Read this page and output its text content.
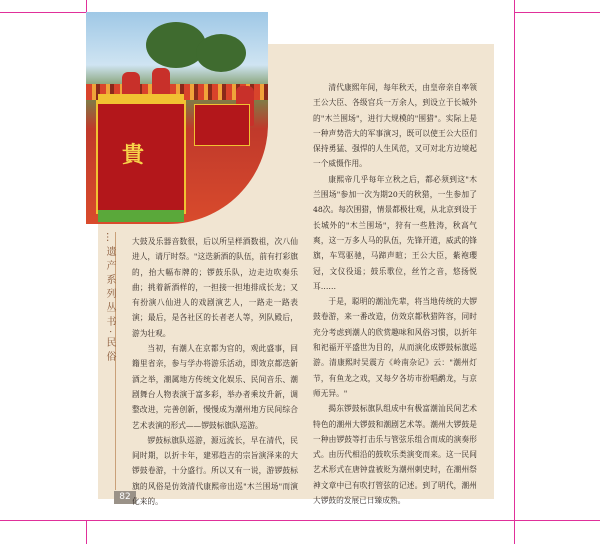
貴
…遗产系列丛书·民俗
82

大鼓及乐器音数很，后以所呈样酒数祖，次八仙进人，请厅时祭。"这迭新酒的队伍，前有打彩旗的，抬大幅布牌的；锣鼓乐队，边走边吹奏乐曲；挑着新酒样的，一担接一担地排成长龙；又有扮演八仙进人的戏剧演艺人，一路走一路表演；最后，是各社区的长者老人等，列队殿后，游为壮观。

当初，有潮人在京都为官的，观此盛事，回籍里省亲，参与学办将游乐活动，即效京都迭新酒之举，潮属地方传统文化娱乐、民间音乐、潮剧舞台人物表演于富多彩，举办者乘坟升新，调整改进，完善创新，慢慢成为潮州地方民间综合艺术表演的形式——锣鼓标旗队巡游。

锣鼓标旗队巡游，源远流长，早在清代，民间时期，以折卡年，建邪趋吉的宗旨演泽来的大锣鼓卷游，十分盛行。所以又有一说，游锣鼓标旗的风俗是仿效清代康熙帝出巡"木兰围场"而演化来的。

清代康熙年间，每年秋天，由皇帝亲自率领王公大臣、各级官兵一万余人，到设立于长城外的"木兰围场"，进行大规模的"围猎"。实际上是一种声势浩大的军事演习，既可以使王公大臣们保持勇猛、强悍的人生风范，又可对北方边境起一个威慑作用。

康熙帝几乎每年立秋之后，都必须到这"木兰围场"参加一次为期20天的秋猎，一生参加了48次。每次围猎，情景都极壮观，从北京到设于长城外的"木兰围场"，狩有一些胜涛，秋高气爽，这一万多人马的队伍，先锋开道，威武的锋旗，车骂驱驰，马蹄声暄；王公大臣，紫袍瓔冠，文仪役遥；鼓乐歌位，丝竹之音，悠扬悦耳……

于是，聪明的潮汕先辈，将当地传统的大锣鼓卷游，来一番改造，仿效京都秋猎阵容，同时充分考虑到潮人的欣赏趣味和风俗习惯，以折年和祀福开平盛世为目的，从而演化成锣鼓标旗巡游。清康熙时吴震方《岭南杂记》云："潮州灯节，有鱼龙之戏，又每夕各坊市扮唱鹬龙，与京师无异。"

揭东锣鼓标旗队组成中有极富潮汕民间艺术特色的潮州大锣鼓和潮剧艺术等。潮州大锣鼓是一种由锣鼓等打击乐与管弦乐组合而成的演奏形式。由历代相沿的鼓吹乐类演变而来。这一民间艺术形式在唐钟盘被贬为潮州刺史时，在潮州祭神文章中已有吹打管弦的记述。到了明代，潮州大锣鼓的发展已日臻成熟。
